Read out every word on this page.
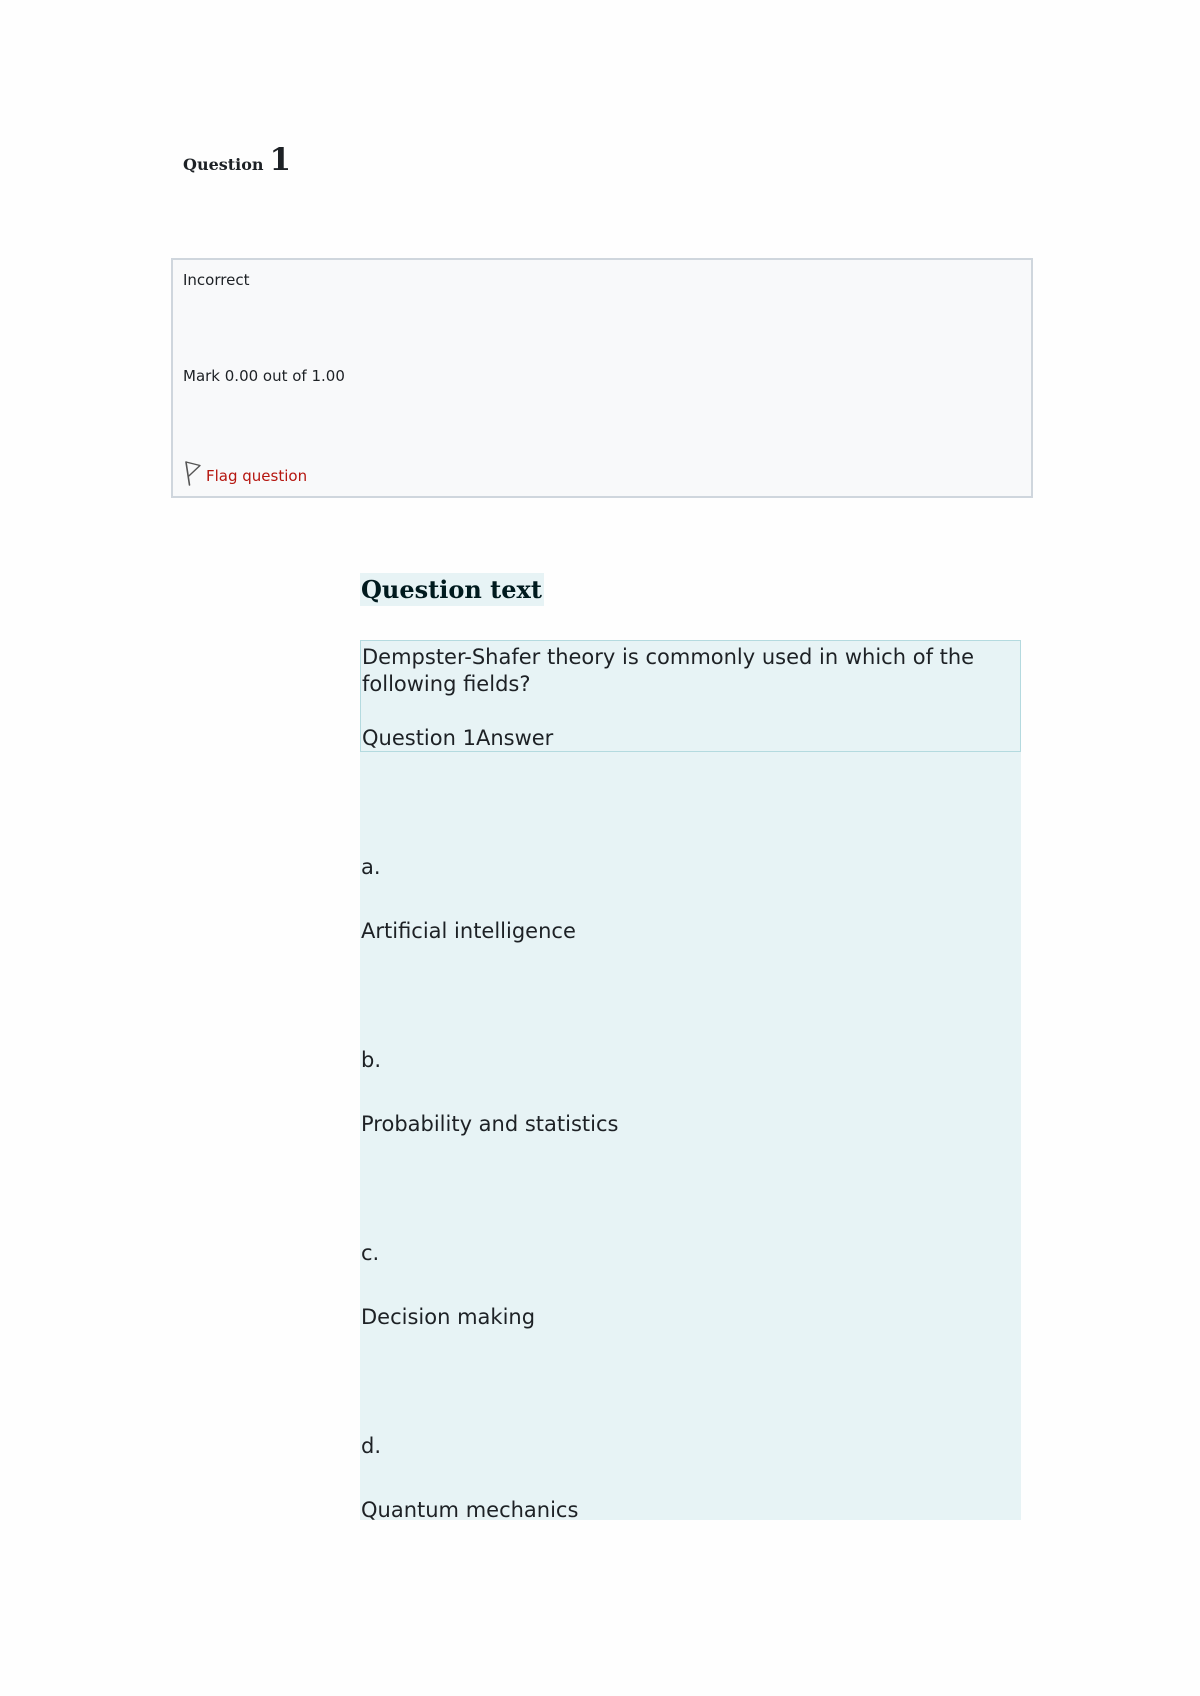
Question 1
Incorrect
Mark 0.00 out of 1.00
Flag question
Question text
Dempster-Shafer theory is commonly used in which of the following fields?
Question 1Answer
a.
Artificial intelligence
b.
Probability and statistics
c.
Decision making
d.
Quantum mechanics
